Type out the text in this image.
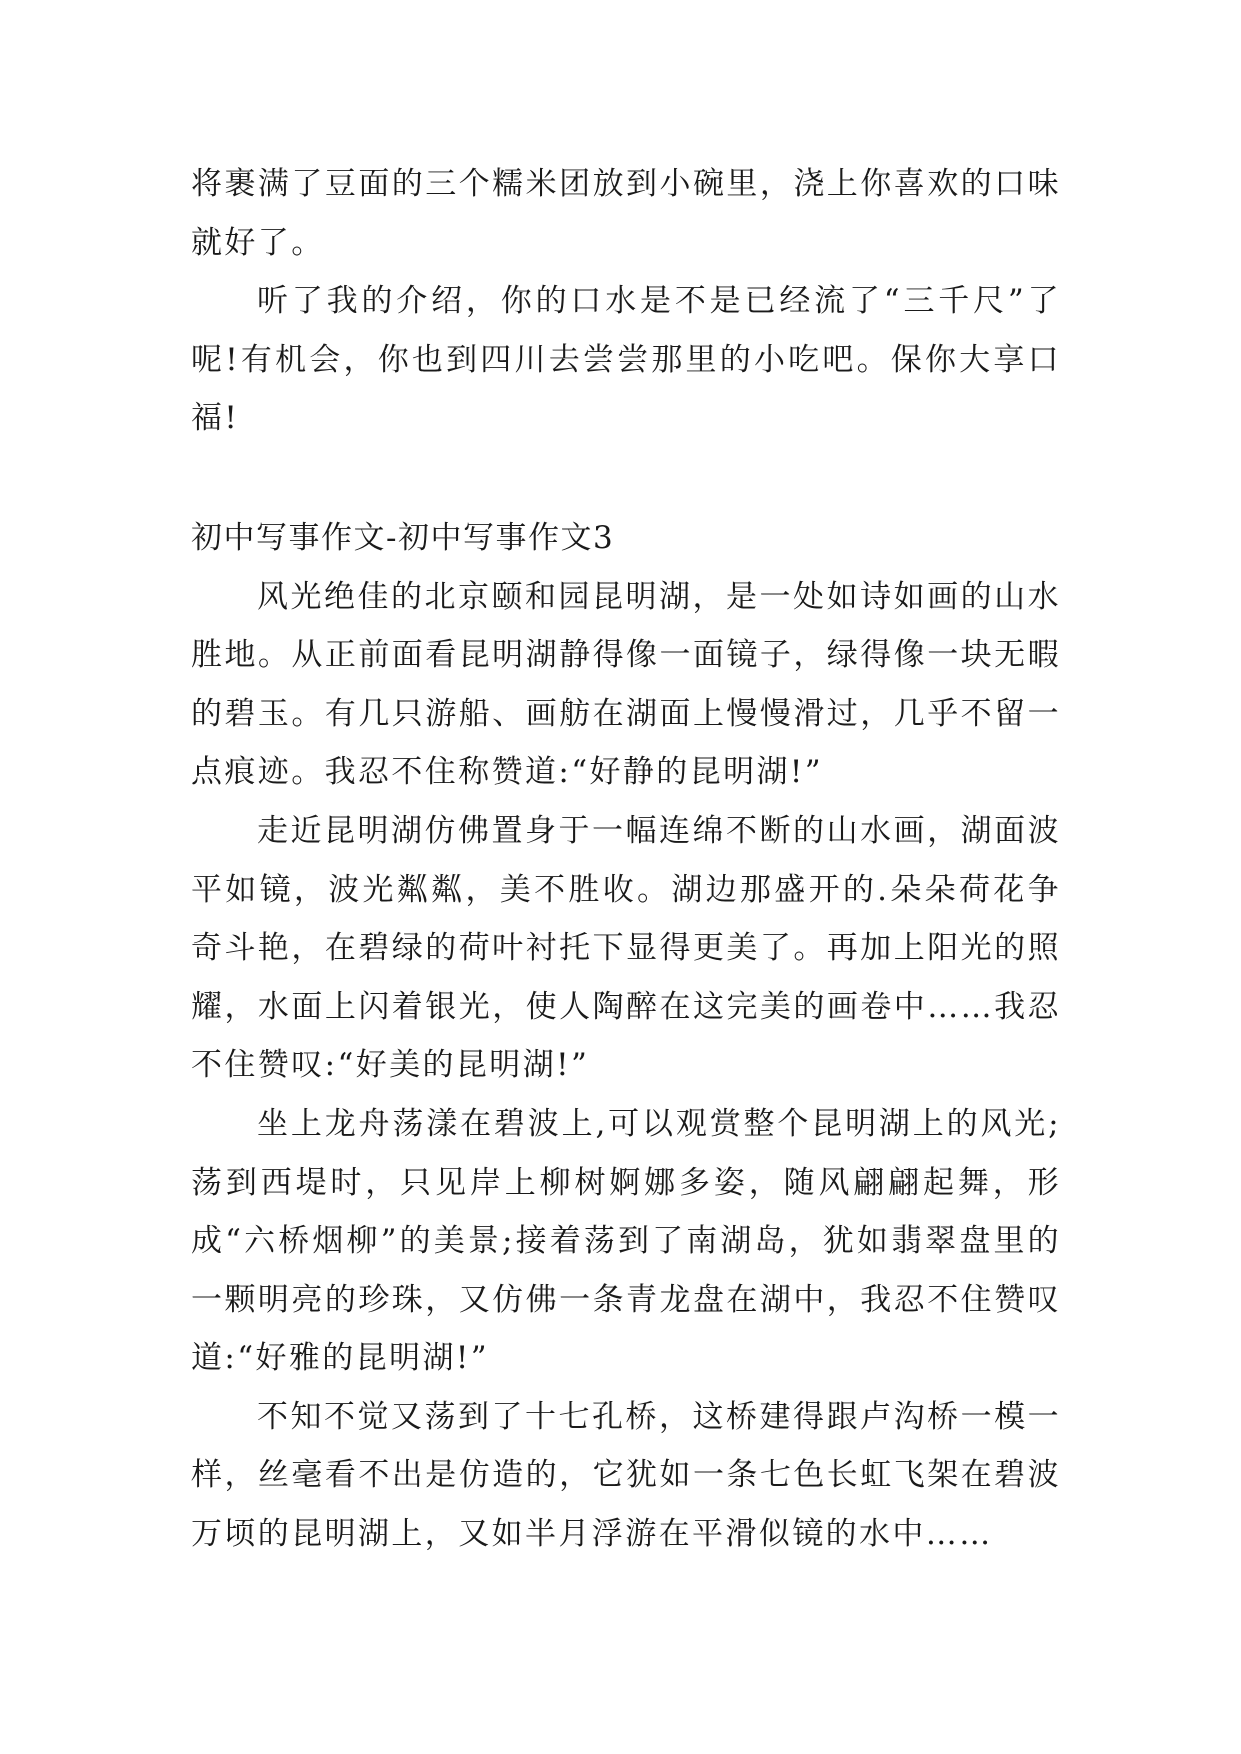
将裹满了豆面的三个糯米团放到小碗里，浇上你喜欢的口味就好了。

听了我的介绍，你的口水是不是已经流了“三千尺”了呢!有机会，你也到四川去尝尝那里的小吃吧。保你大享口福!

初中写事作文-初中写事作文3

风光绝佳的北京颐和园昆明湖，是一处如诗如画的山水胜地。从正前面看昆明湖静得像一面镜子，绿得像一块无暇的碧玉。有几只游船、画舫在湖面上慢慢滑过，几乎不留一点痕迹。我忍不住称赞道:“好静的昆明湖!”

走近昆明湖仿佛置身于一幅连绵不断的山水画，湖面波平如镜，波光粼粼，美不胜收。湖边那盛开的.朵朵荷花争奇斗艳，在碧绿的荷叶衬托下显得更美了。再加上阳光的照耀，水面上闪着银光，使人陶醉在这完美的画卷中……我忍不住赞叹:“好美的昆明湖!”

坐上龙舟荡漾在碧波上,可以观赏整个昆明湖上的风光;荡到西堤时，只见岸上柳树婀娜多姿，随风翩翩起舞，形成“六桥烟柳”的美景;接着荡到了南湖岛，犹如翡翠盘里的一颗明亮的珍珠，又仿佛一条青龙盘在湖中，我忍不住赞叹道:“好雅的昆明湖!”

不知不觉又荡到了十七孔桥，这桥建得跟卢沟桥一模一样，丝毫看不出是仿造的，它犹如一条七色长虹飞架在碧波万顷的昆明湖上，又如半月浮游在平滑似镜的水中……
